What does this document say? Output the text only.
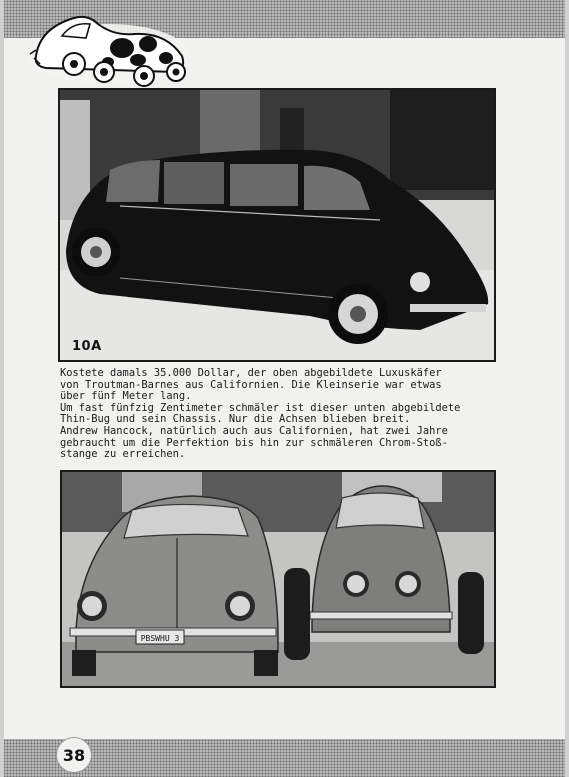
10A

Kostete damals 35.000 Dollar, der oben abgebildete Luxuskäfer

von Troutman-Barnes aus Californien. Die Kleinserie war etwas

über fünf Meter lang.

Um fast fünfzig Zentimeter schmäler ist dieser unten abgebildete

Thin-Bug und sein Chassis. Nur die Achsen blieben breit.

Andrew Hancock, natürlich auch aus Californien, hat zwei Jahre

gebraucht um die Perfektion bis hin zur schmäleren Chrom-Stoß-

stange zu erreichen.

PBSWHU 3
38
